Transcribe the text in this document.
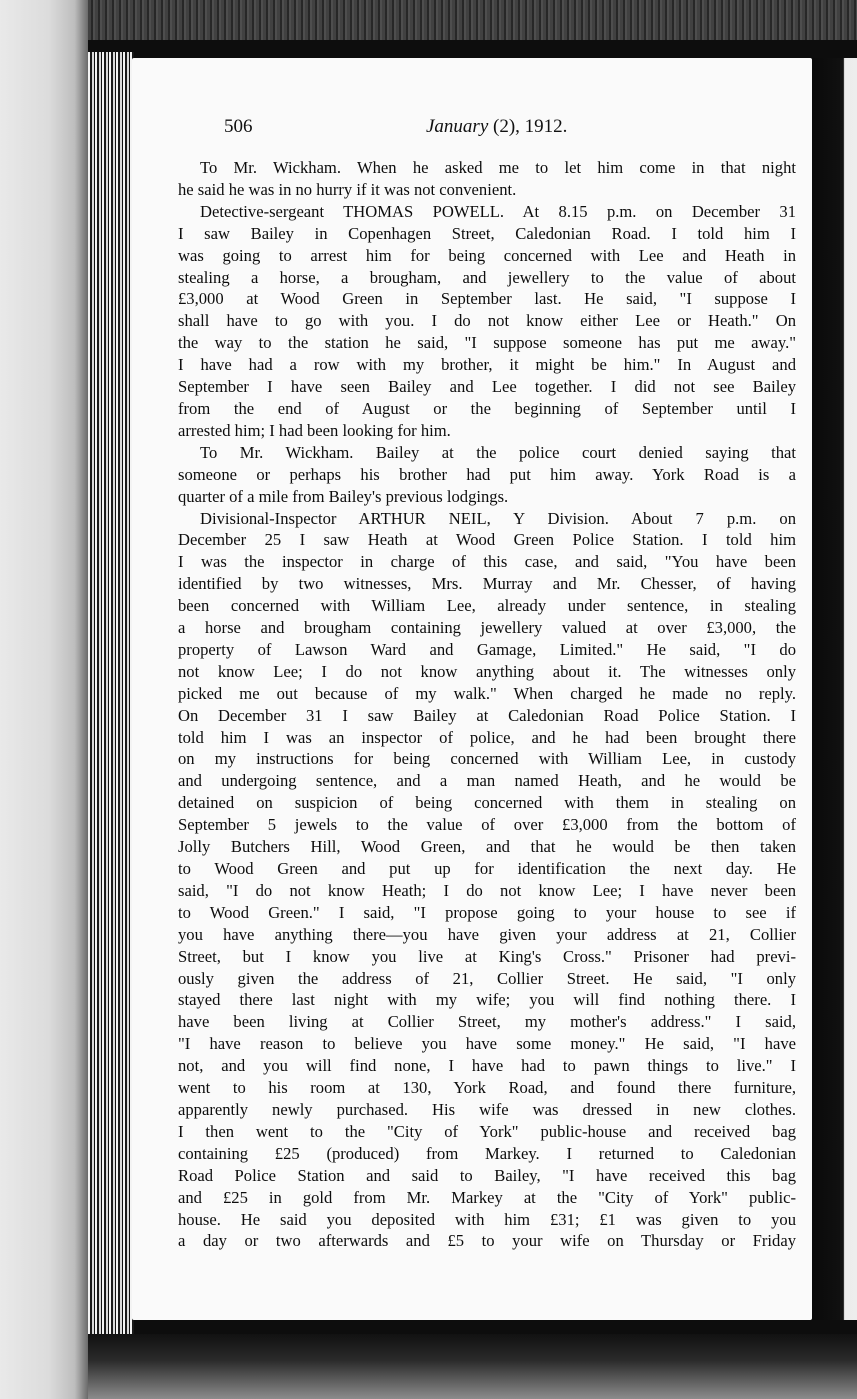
506	January (2), 1912.
To Mr. Wickham. When he asked me to let him come in that night
he said he was in no hurry if it was not convenient.
Detective-sergeant THOMAS POWELL. At 8.15 p.m. on December 31
I saw Bailey in Copenhagen Street, Caledonian Road. I told him I
was going to arrest him for being concerned with Lee and Heath in
stealing a horse, a brougham, and jewellery to the value of about
£3,000 at Wood Green in September last. He said, "I suppose I
shall have to go with you. I do not know either Lee or Heath." On
the way to the station he said, "I suppose someone has put me away."
I have had a row with my brother, it might be him." In August and
September I have seen Bailey and Lee together. I did not see Bailey
from the end of August or the beginning of September until I
arrested him; I had been looking for him.
To Mr. Wickham. Bailey at the police court denied saying that
someone or perhaps his brother had put him away. York Road is a
quarter of a mile from Bailey's previous lodgings.
Divisional-Inspector ARTHUR NEIL, Y Division. About 7 p.m. on
December 25 I saw Heath at Wood Green Police Station. I told him
I was the inspector in charge of this case, and said, "You have been
identified by two witnesses, Mrs. Murray and Mr. Chesser, of having
been concerned with William Lee, already under sentence, in stealing
a horse and brougham containing jewellery valued at over £3,000, the
property of Lawson Ward and Gamage, Limited." He said, "I do
not know Lee; I do not know anything about it. The witnesses only
picked me out because of my walk." When charged he made no reply.
On December 31 I saw Bailey at Caledonian Road Police Station. I
told him I was an inspector of police, and he had been brought there
on my instructions for being concerned with William Lee, in custody
and undergoing sentence, and a man named Heath, and he would be
detained on suspicion of being concerned with them in stealing on
September 5 jewels to the value of over £3,000 from the bottom of
Jolly Butchers Hill, Wood Green, and that he would be then taken
to Wood Green and put up for identification the next day. He
said, "I do not know Heath; I do not know Lee; I have never been
to Wood Green." I said, "I propose going to your house to see if
you have anything there—you have given your address at 21, Collier
Street, but I know you live at King's Cross." Prisoner had previ-
ously given the address of 21, Collier Street. He said, "I only
stayed there last night with my wife; you will find nothing there. I
have been living at Collier Street, my mother's address." I said,
"I have reason to believe you have some money." He said, "I have
not, and you will find none, I have had to pawn things to live." I
went to his room at 130, York Road, and found there furniture,
apparently newly purchased. His wife was dressed in new clothes.
I then went to the "City of York" public-house and received bag
containing £25 (produced) from Markey. I returned to Caledonian
Road Police Station and said to Bailey, "I have received this bag
and £25 in gold from Mr. Markey at the "City of York" public-
house. He said you deposited with him £31; £1 was given to you
a day or two afterwards and £5 to your wife on Thursday or Friday
